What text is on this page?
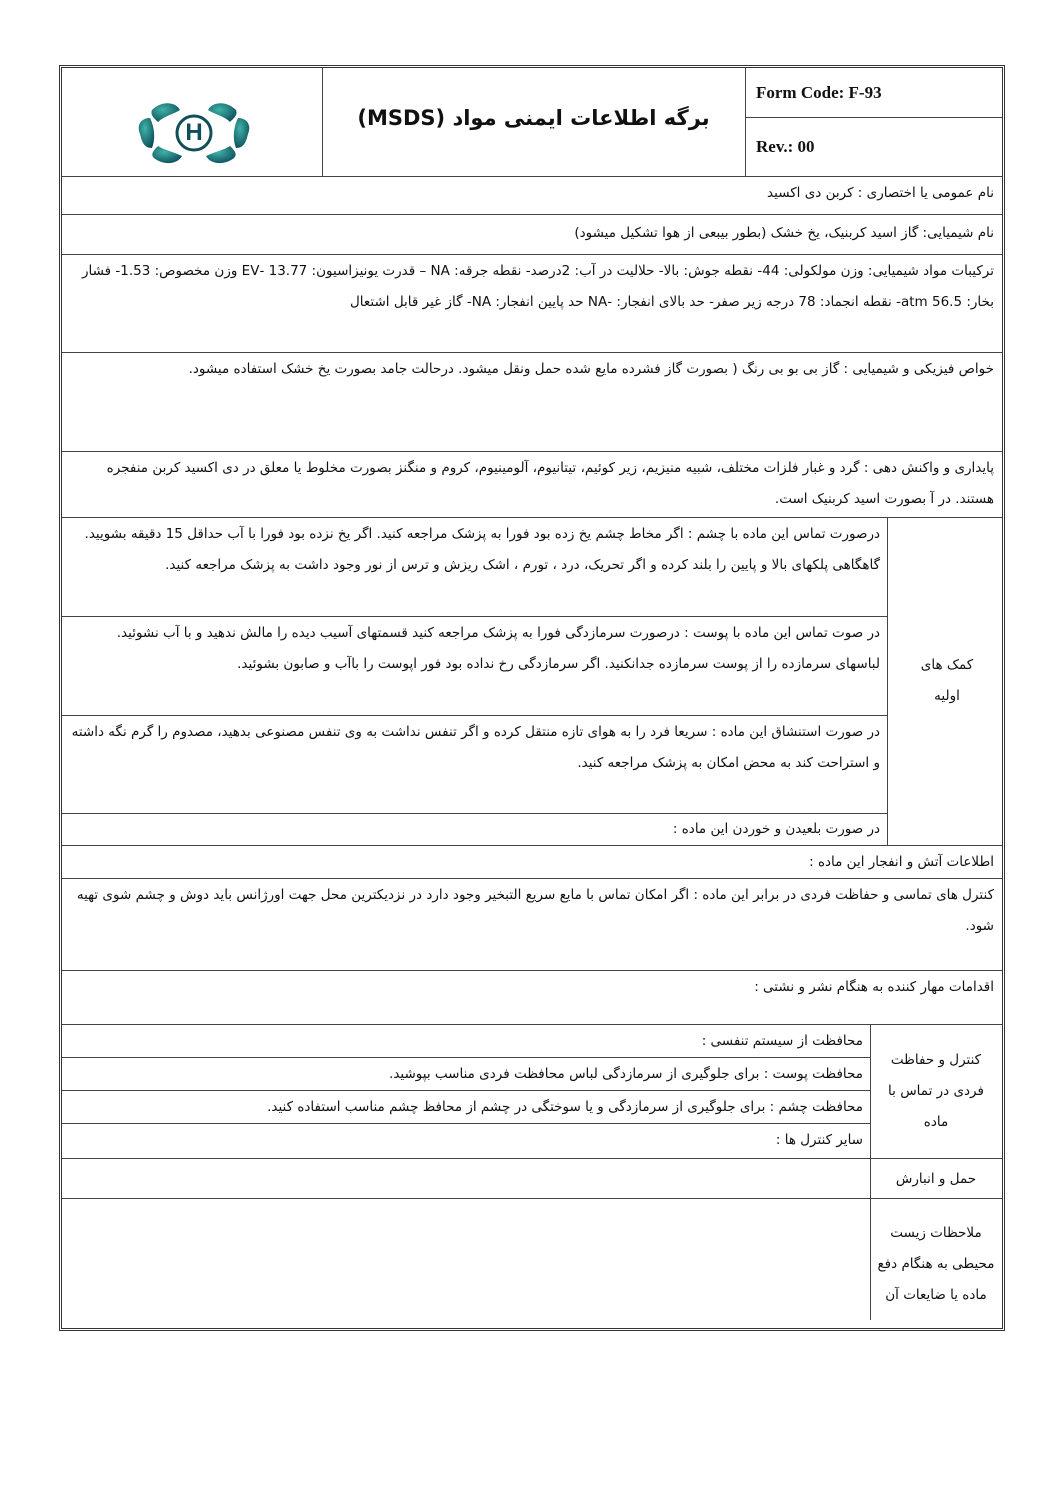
H
برگه اطلاعات ایمنی مواد (MSDS)
Form Code: F-93
Rev.: 00
نام عمومی یا اختصاری : کربن دی اکسید
نام شیمیایی: گاز اسید کربنیک، یخ خشک (بطور بیبعی از هوا تشکیل میشود)
ترکیبات مواد شیمیایی: وزن مولکولی: 44- نقطه جوش: بالا- حلالیت در آب: 2درصد- نقطه جرقه: NA – قدرت یونیزاسیون: 13.77 -EV وزن مخصوص: 1.53- فشار بخار: 56.5 atm- نقطه انجماد: 78 درجه زیر صفر- حد بالای انفجار: -NA حد پایین انفجار: NA- گاز غیر قابل اشتعال
خواص فیزیکی و شیمیایی : گاز بی بو بی رنگ ( بصورت گاز فشرده مایع شده حمل ونقل میشود. درحالت جامد بصورت یخ خشک استفاده میشود.
پایداری و واکنش دهی : گرد و غبار فلزات مختلف، شبیه منیزیم، زیر کوئیم، تیتانیوم، آلومینیوم، کروم و منگنز بصورت مخلوط یا معلق در دی اکسید کربن منفجره هستند. در آ بصورت اسید کربنیک است.
کمک های اولیه
درصورت تماس این ماده با چشم : اگر مخاط چشم یخ زده بود فورا به پزشک مراجعه کنید. اگر یخ نزده بود فورا با آب حداقل 15 دقیقه بشویید. گاهگاهی پلکهای بالا و پایین را بلند کرده و اگر تحریک، درد ، تورم ، اشک ریزش و ترس از نور وجود داشت به پزشک مراجعه کنید.
در صوت تماس این ماده با پوست : درصورت سرمازدگی فورا به پزشک مراجعه کنید قسمتهای آسیب دیده را مالش ندهید و با آب نشوئید. لباسهای سرمازده را از پوست سرمازده جدانکنید. اگر سرمازدگی رخ نداده بود فور اپوست را باآب و صابون بشوئید.
در صورت استنشاق این ماده : سریعا فرد را به هوای تازه منتقل کرده و اگر تنفس نداشت به وی تنفس مصنوعی بدهید، مصدوم را گرم نگه داشته و استراحت کند به محض امکان به پزشک مراجعه کنید.
در صورت بلعیدن و خوردن این ماده :
اطلاعات آتش و انفجار این ماده :
کنترل های تماسی و حفاظت فردی در برابر این ماده : اگر امکان تماس با مایع سریع التبخیر وجود دارد در نزدیکترین محل جهت اورژانس باید دوش و چشم شوی تهیه شود.
اقدامات مهار کننده به هنگام نشر و نشتی :
کنترل و حفاظت فردی در تماس با ماده
محافظت از سیستم تنفسی :
محافظت پوست : برای جلوگیری از سرمازدگی لباس محافظت فردی مناسب بپوشید.
محافظت چشم : برای جلوگیری از سرمازدگی و یا سوختگی در چشم از محافظ چشم مناسب استفاده کنید.
سایر کنترل ها :
حمل و انبارش
ملاحظات زیست محیطی به هنگام دفع ماده یا ضایعات آن
